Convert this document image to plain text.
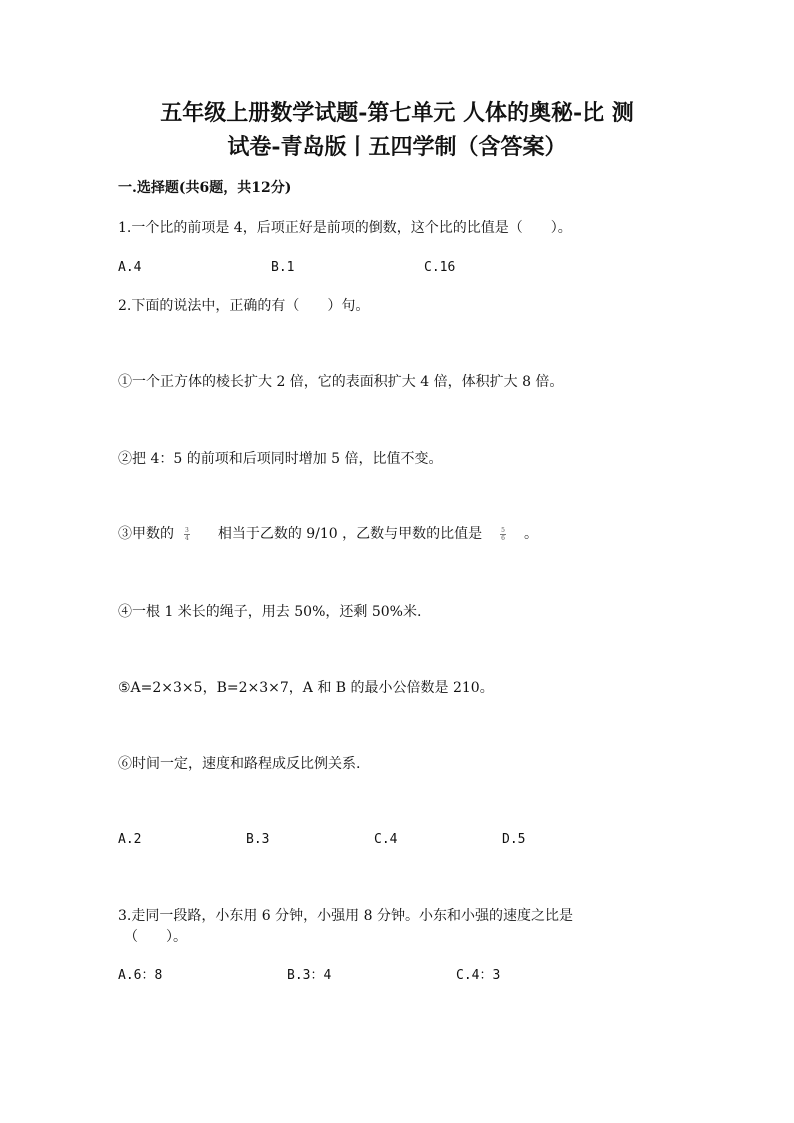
五年级上册数学试题-第七单元 人体的奥秘-比 测
试卷-青岛版丨五四学制（含答案）
一.选择题(共6题，共12分)
1.一个比的前项是 4，后项正好是前项的倒数，这个比的比值是（　　）。
A.4	B.1	C.16
2.下面的说法中，正确的有（　　）句。
①一个正方体的棱长扩大 2 倍，它的表面积扩大 4 倍，体积扩大 8 倍。
②把 4：5 的前项和后项同时增加 5 倍，比值不变。
③甲数的 $\frac{3}{4}$ 相当于乙数的 9/10 ，乙数与甲数的比值是	$\frac{5}{6}$ 。
④一根 1 米长的绳子，用去 50%，还剩 50%米.
⑤A=2×3×5，B=2×3×7，A 和 B 的最小公倍数是 210。
⑥时间一定，速度和路程成反比例关系.
A.2	B.3	C.4	D.5
3.走同一段路，小东用 6 分钟，小强用 8 分钟。小东和小强的速度之比是
（　　）。
A.6：8	B.3：4	C.4：3
